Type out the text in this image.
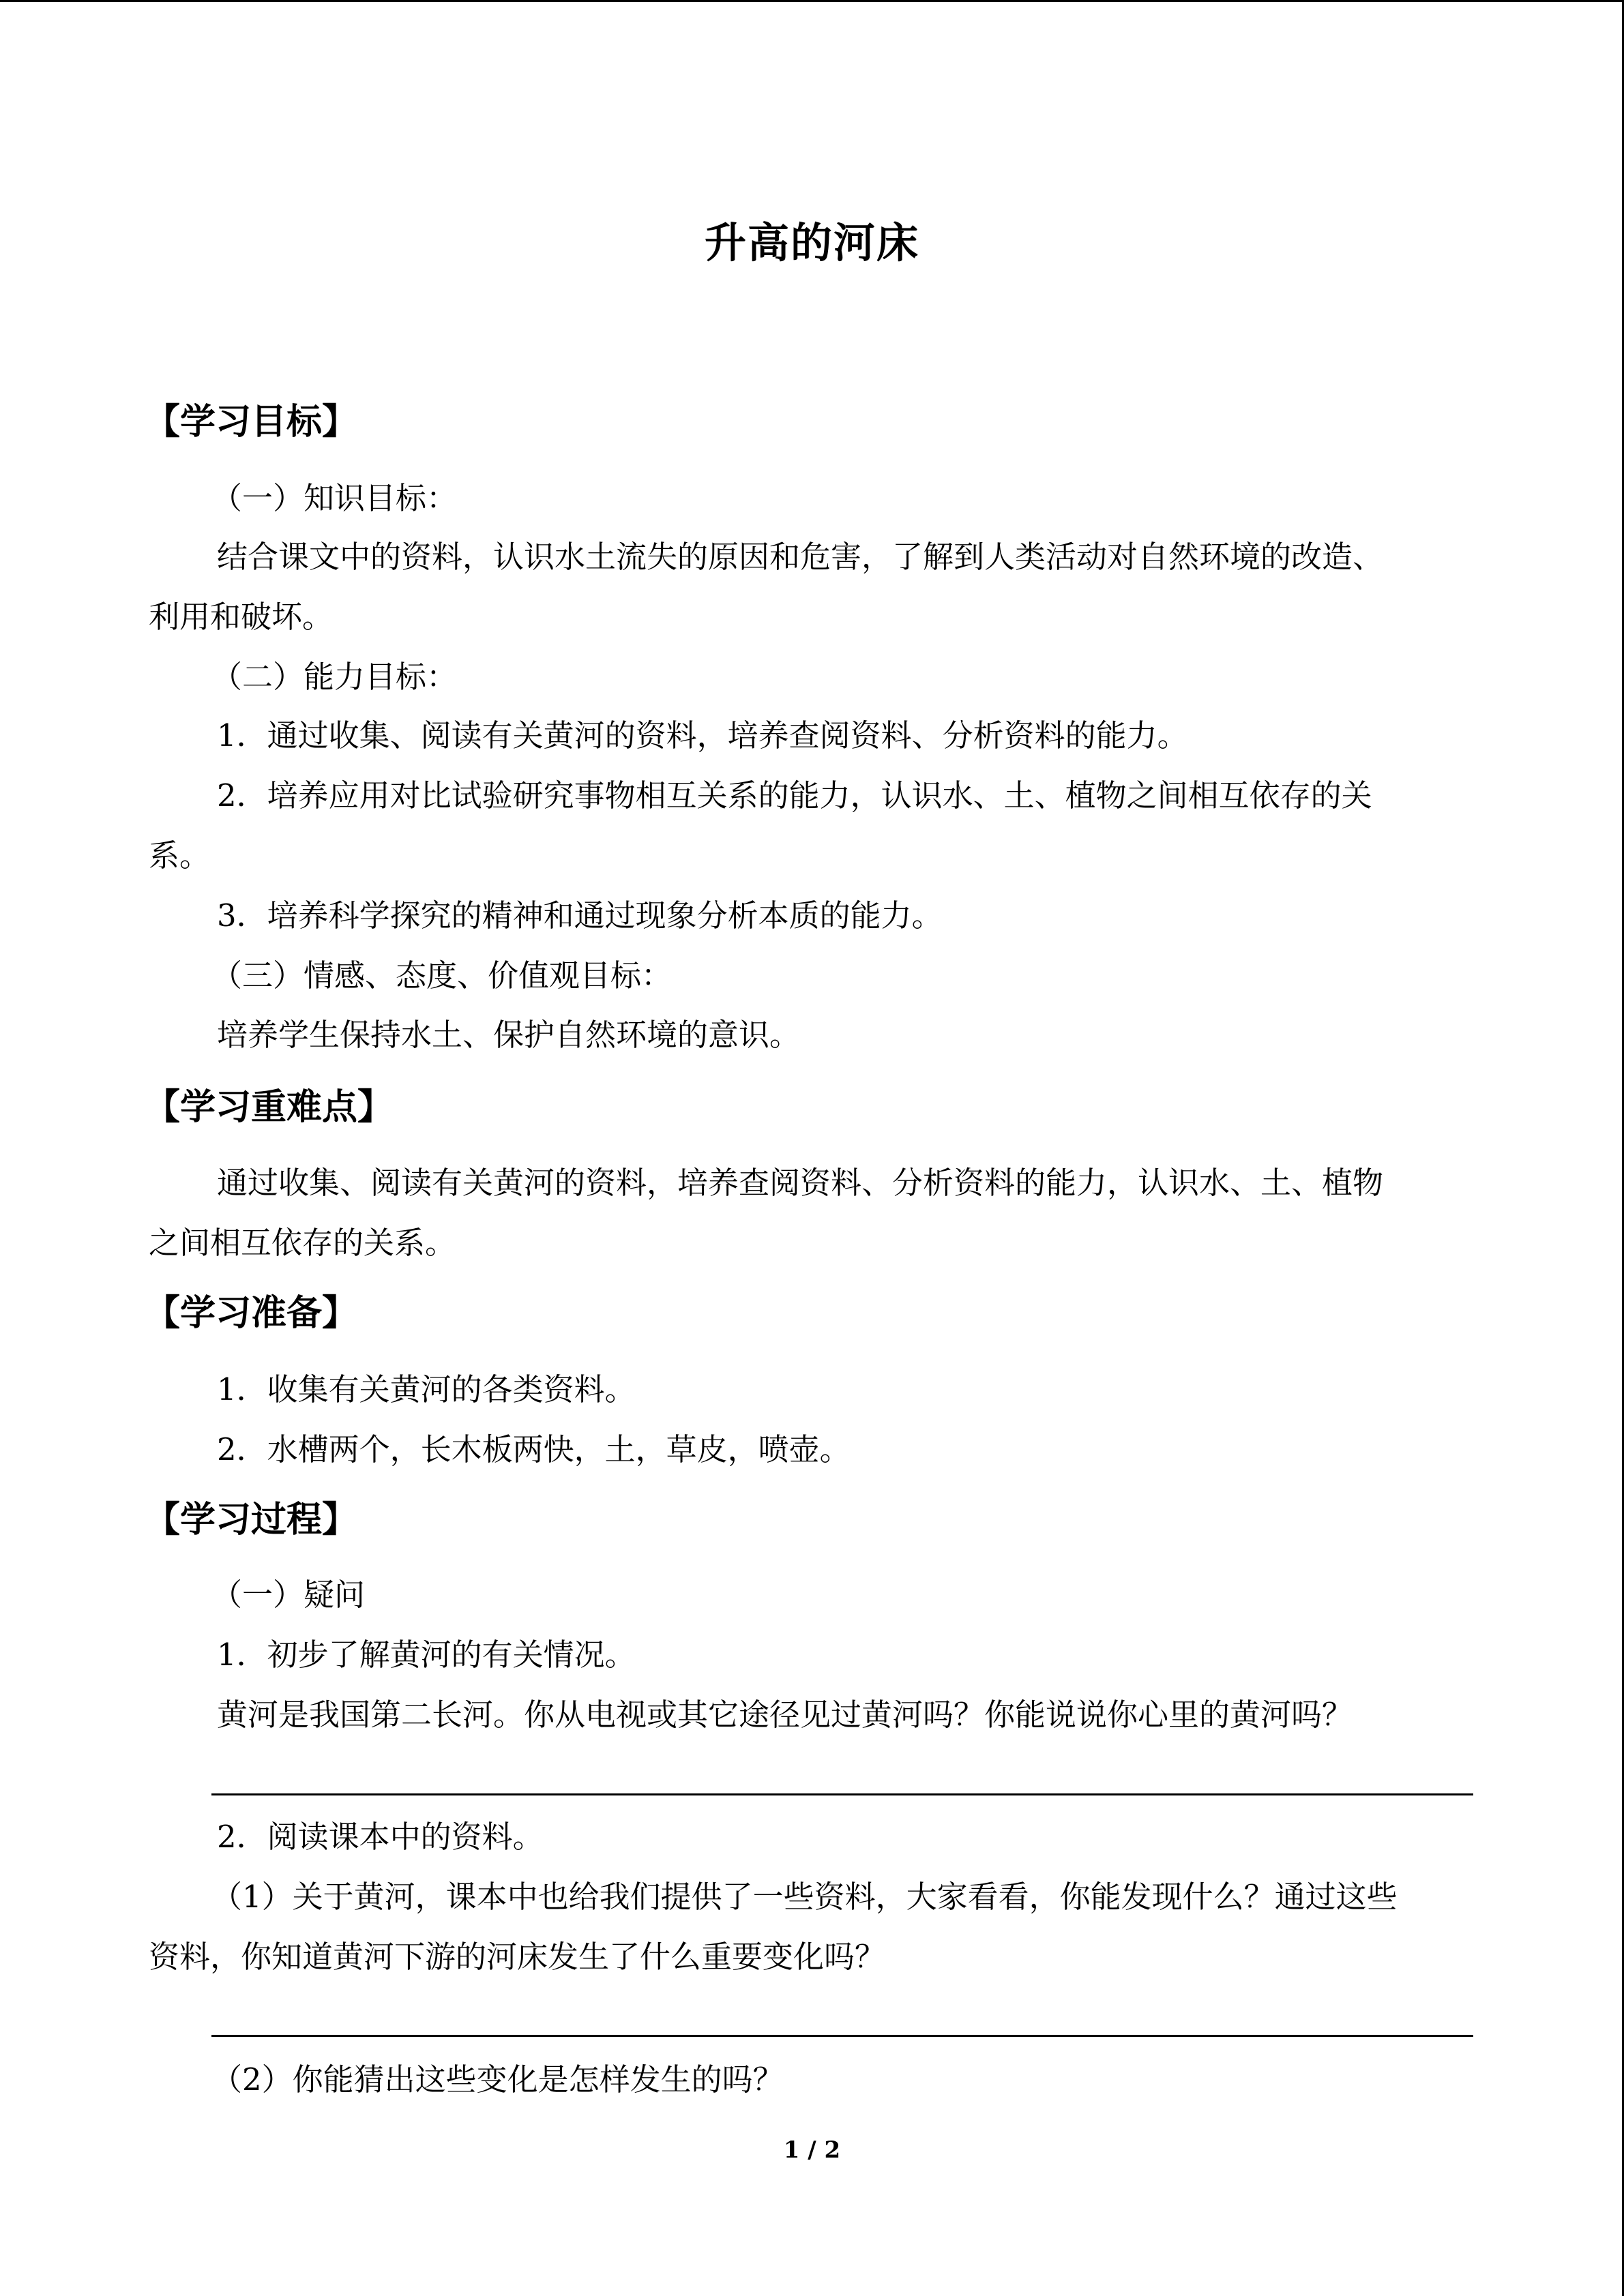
升高的河床
【学习目标】
（一）知识目标：
结合课文中的资料，认识水土流失的原因和危害，了解到人类活动对自然环境的改造、
利用和破坏。
（二）能力目标：
1．通过收集、阅读有关黄河的资料，培养查阅资料、分析资料的能力。
2．培养应用对比试验研究事物相互关系的能力，认识水、土、植物之间相互依存的关
系。
3．培养科学探究的精神和通过现象分析本质的能力。
（三）情感、态度、价值观目标：
培养学生保持水土、保护自然环境的意识。
【学习重难点】
通过收集、阅读有关黄河的资料，培养查阅资料、分析资料的能力，认识水、土、植物
之间相互依存的关系。
【学习准备】
1．收集有关黄河的各类资料。
2．水槽两个，长木板两快，土，草皮，喷壶。
【学习过程】
（一）疑问
1．初步了解黄河的有关情况。
黄河是我国第二长河。你从电视或其它途径见过黄河吗？你能说说你心里的黄河吗？
2．阅读课本中的资料。
（1）关于黄河，课本中也给我们提供了一些资料，大家看看，你能发现什么？通过这些
资料，你知道黄河下游的河床发生了什么重要变化吗？
（2）你能猜出这些变化是怎样发生的吗？
1 / 2
